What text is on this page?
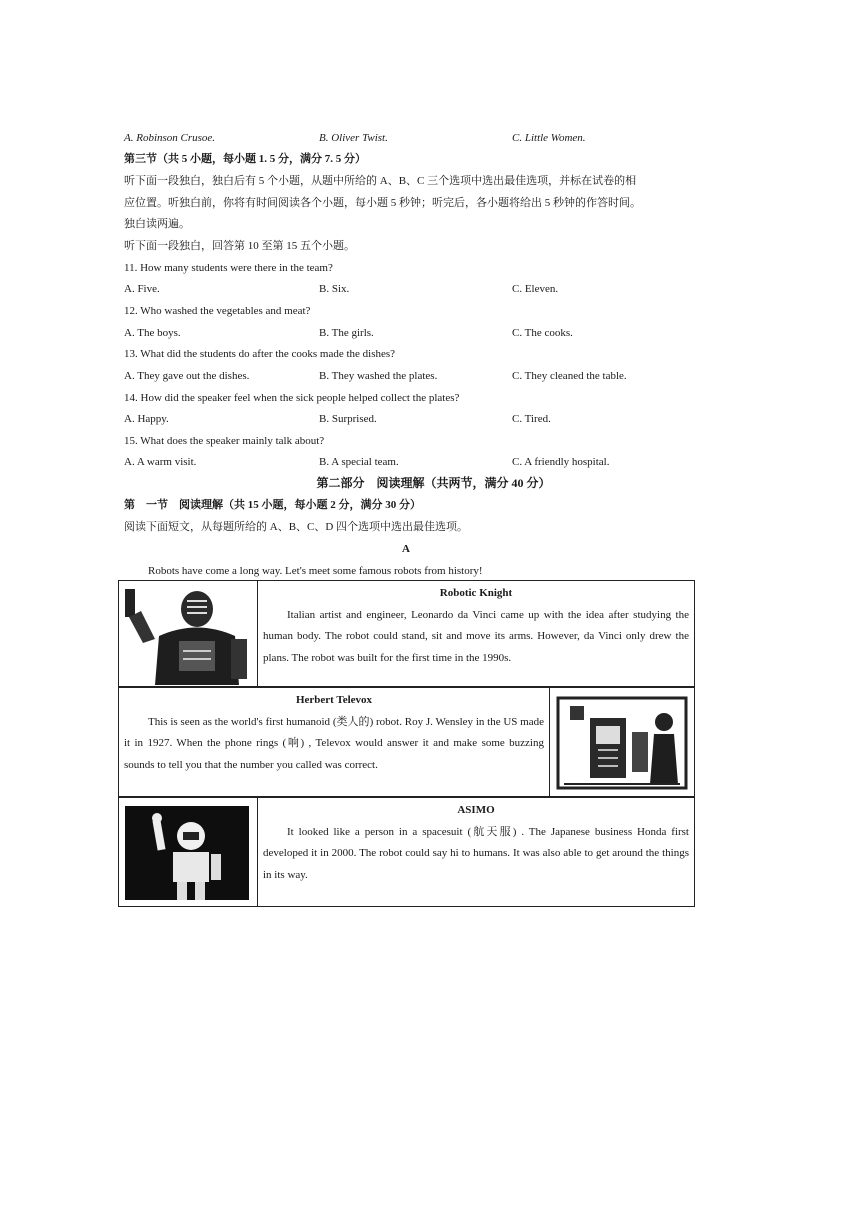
A. Robinson Crusoe.	B. Oliver Twist.	C. Little Women.
第三节（共 5 小题，每小题 1. 5 分，满分 7. 5 分）
听下面一段独白，独白后有 5 个小题，从题中所给的 A、B、C 三个选项中选出最佳选项，并标在试卷的相
应位置。听独白前，你将有时间阅读各个小题，每小题 5 秒钟；听完后，各小题将给出 5 秒钟的作答时间。
独白读两遍。
听下面一段独白，回答第 10 至第 15 五个小题。
11. How many students were there in the team?
A. Five.	B. Six.	C. Eleven.
12. Who washed the vegetables and meat?
A. The boys.	B. The girls.	C. The cooks.
13. What did the students do after the cooks made the dishes?
A. They gave out the dishes.	B. They washed the plates.	C. They cleaned the table.
14. How did the speaker feel when the sick people helped collect the plates?
A. Happy.	B. Surprised.	C. Tired.
15. What does the speaker mainly talk about?
A. A warm visit.	B. A special team.	C. A friendly hospital.
第二部分　阅读理解（共两节，满分 40 分）
第　一节　阅读理解（共 15 小题，每小题 2 分，满分 30 分）
阅读下面短文，从每题所给的 A、B、C、D 四个选项中选出最佳选项。
A
Robots have come a long way. Let's meet some famous robots from history!

Robotic Knight
Italian artist and engineer, Leonardo da Vinci came up with the idea after studying the human body. The robot could stand, sit and move its arms. However, da Vinci only drew the plans. The robot was built for the first time in the 1990s.
Herbert Televox
This is seen as the world's first humanoid (类人的) robot. Roy J. Wensley in the US made it in 1927. When the phone rings (响) , Televox would answer it and make some buzzing sounds to tell you that the number you called was correct.

ASIMO
It looked like a person in a spacesuit (航天服) . The Japanese business Honda first developed it in 2000. The robot could say hi to humans. It was also able to get around the things in its way.
